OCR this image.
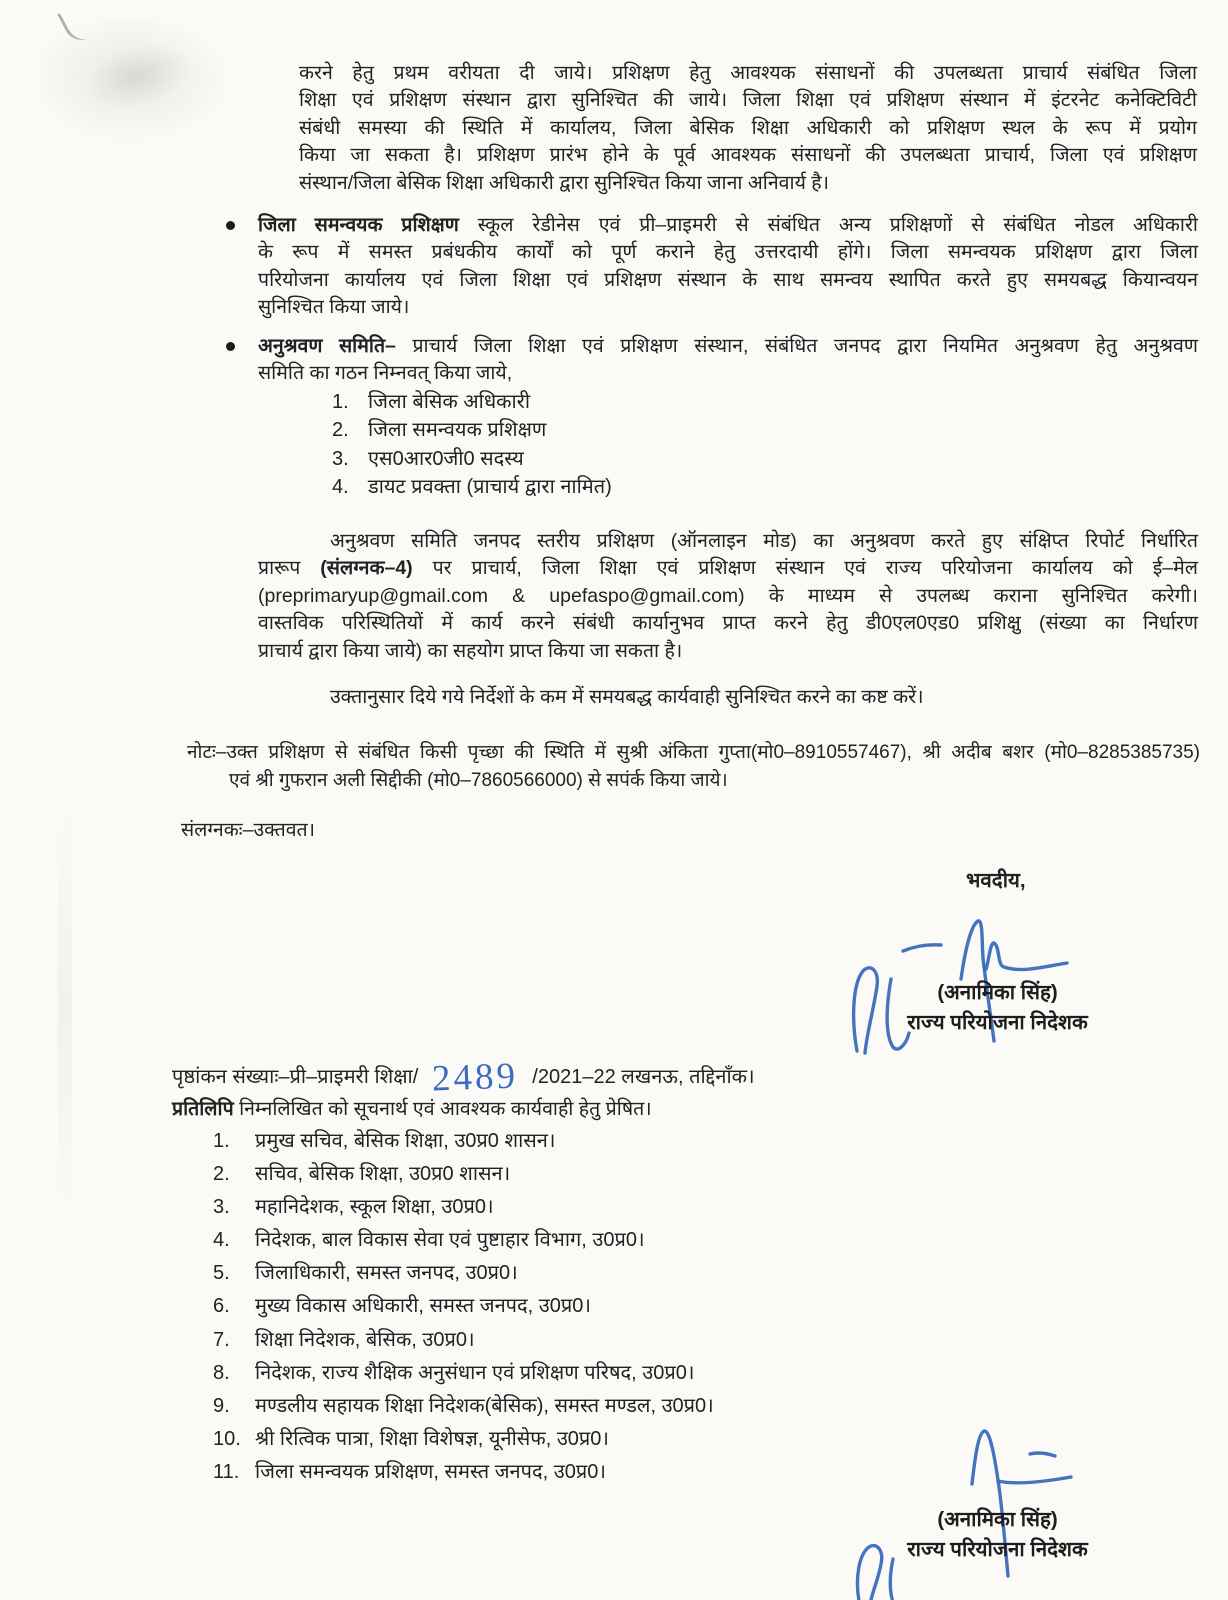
करने हेतु प्रथम वरीयता दी जाये। प्रशिक्षण हेतु आवश्यक संसाधनों की उपलब्धता प्राचार्य संबंधित जिला
शिक्षा एवं प्रशिक्षण संस्थान द्वारा सुनिश्चित की जाये। जिला शिक्षा एवं प्रशिक्षण संस्थान में इंटरनेट कनेक्टिविटी
संबंधी समस्या की स्थिति में कार्यालय, जिला बेसिक शिक्षा अधिकारी को प्रशिक्षण स्थल के रूप में प्रयोग
किया जा सकता है। प्रशिक्षण प्रारंभ होने के पूर्व आवश्यक संसाधनों की उपलब्धता प्राचार्य, जिला एवं प्रशिक्षण
संस्थान/जिला बेसिक शिक्षा अधिकारी द्वारा सुनिश्चित किया जाना अनिवार्य है।
जिला समन्वयक प्रशिक्षण स्कूल रेडीनेस एवं प्री–प्राइमरी से संबंधित अन्य प्रशिक्षणों से संबंधित नोडल अधिकारी
के रूप में समस्त प्रबंधकीय कार्यों को पूर्ण कराने हेतु उत्तरदायी होंगे। जिला समन्वयक प्रशिक्षण द्वारा जिला
परियोजना कार्यालय एवं जिला शिक्षा एवं प्रशिक्षण संस्थान के साथ समन्वय स्थापित करते हुए समयबद्ध कियान्वयन
सुनिश्चित किया जाये।
अनुश्रवण समिति– प्राचार्य जिला शिक्षा एवं प्रशिक्षण संस्थान, संबंधित जनपद द्वारा नियमित अनुश्रवण हेतु अनुश्रवण
समिति का गठन निम्नवत् किया जाये,
1. जिला बेसिक अधिकारी
2. जिला समन्वयक प्रशिक्षण
3. एस0आर0जी0 सदस्य
4. डायट प्रवक्ता (प्राचार्य द्वारा नामित)
अनुश्रवण समिति जनपद स्तरीय प्रशिक्षण (ऑनलाइन मोड) का अनुश्रवण करते हुए संक्षिप्त रिपोर्ट निर्धारित
प्रारूप (संलग्नक–4) पर प्राचार्य, जिला शिक्षा एवं प्रशिक्षण संस्थान एवं राज्य परियोजना कार्यालय को ई–मेल
(preprimaryup@gmail.com & upefaspo@gmail.com) के माध्यम से उपलब्ध कराना सुनिश्चित करेगी।
वास्तविक परिस्थितियों में कार्य करने संबंधी कार्यानुभव प्राप्त करने हेतु डी0एल0एड0 प्रशिक्षु (संख्या का निर्धारण
प्राचार्य द्वारा किया जाये) का सहयोग प्राप्त किया जा सकता है।
उक्तानुसार दिये गये निर्देशों के कम में समयबद्ध कार्यवाही सुनिश्चित करने का कष्ट करें।
नोटः–उक्त प्रशिक्षण से संबंधित किसी पृच्छा की स्थिति में सुश्री अंकिता गुप्ता(मो0–8910557467), श्री अदीब बशर (मो0–8285385735)
एवं श्री गुफरान अली सिद्दीकी (मो0–7860566000) से सपंर्क किया जाये।
संलग्नकः–उक्तवत।
भवदीय,
(अनामिका सिंह)
राज्य परियोजना निदेशक
पृष्ठांकन संख्याः–प्री–प्राइमरी शिक्षा/ 2489 /2021–22 लखनऊ, तद्दिनाँक।
प्रतिलिपि निम्नलिखित को सूचनार्थ एवं आवश्यक कार्यवाही हेतु प्रेषित।
1.	प्रमुख सचिव, बेसिक शिक्षा, उ0प्र0 शासन।
2.	सचिव, बेसिक शिक्षा, उ0प्र0 शासन।
3.	महानिदेशक, स्कूल शिक्षा, उ0प्र0।
4.	निदेशक, बाल विकास सेवा एवं पुष्टाहार विभाग, उ0प्र0।
5.	जिलाधिकारी, समस्त जनपद, उ0प्र0।
6.	मुख्य विकास अधिकारी, समस्त जनपद, उ0प्र0।
7.	शिक्षा निदेशक, बेसिक, उ0प्र0।
8.	निदेशक, राज्य शैक्षिक अनुसंधान एवं प्रशिक्षण परिषद, उ0प्र0।
9.	मण्डलीय सहायक शिक्षा निदेशक(बेसिक), समस्त मण्डल, उ0प्र0।
10. श्री रित्विक पात्रा, शिक्षा विशेषज्ञ, यूनीसेफ, उ0प्र0।
11. जिला समन्वयक प्रशिक्षण, समस्त जनपद, उ0प्र0।
(अनामिका सिंह)
राज्य परियोजना निदेशक
